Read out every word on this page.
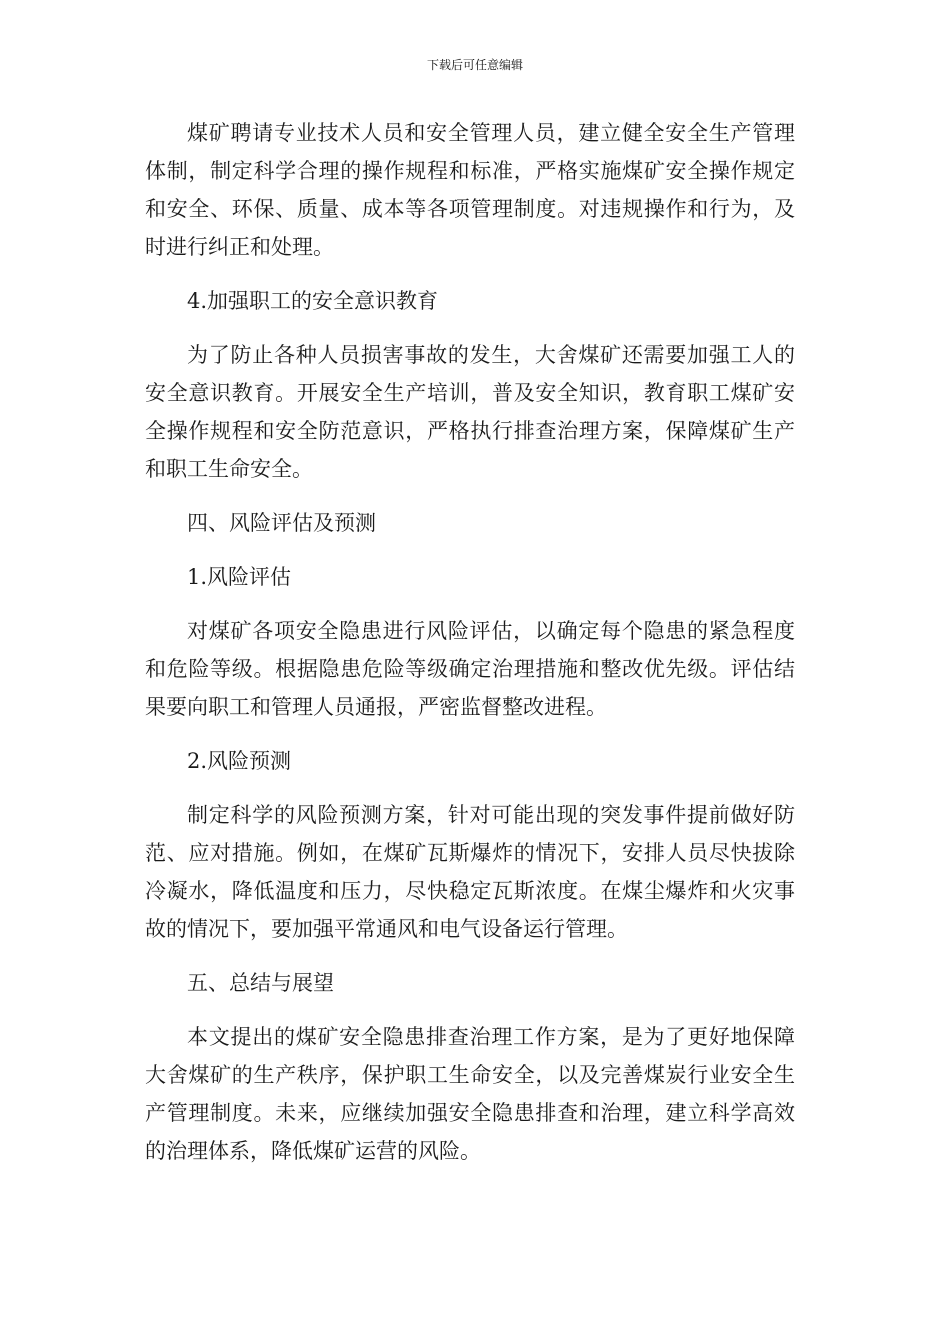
下载后可任意编辑

煤矿聘请专业技术人员和安全管理人员，建立健全安全生产管理体制，制定科学合理的操作规程和标准，严格实施煤矿安全操作规定和安全、环保、质量、成本等各项管理制度。对违规操作和行为，及时进行纠正和处理。

4.加强职工的安全意识教育

为了防止各种人员损害事故的发生，大舍煤矿还需要加强工人的安全意识教育。开展安全生产培训，普及安全知识，教育职工煤矿安全操作规程和安全防范意识，严格执行排查治理方案，保障煤矿生产和职工生命安全。

四、风险评估及预测
1.风险评估

对煤矿各项安全隐患进行风险评估，以确定每个隐患的紧急程度和危险等级。根据隐患危险等级确定治理措施和整改优先级。评估结果要向职工和管理人员通报，严密监督整改进程。

2.风险预测

制定科学的风险预测方案，针对可能出现的突发事件提前做好防范、应对措施。例如，在煤矿瓦斯爆炸的情况下，安排人员尽快拔除冷凝水，降低温度和压力，尽快稳定瓦斯浓度。在煤尘爆炸和火灾事故的情况下，要加强平常通风和电气设备运行管理。

五、总结与展望

本文提出的煤矿安全隐患排查治理工作方案，是为了更好地保障大舍煤矿的生产秩序，保护职工生命安全，以及完善煤炭行业安全生产管理制度。未来，应继续加强安全隐患排查和治理，建立科学高效的治理体系，降低煤矿运营的风险。
